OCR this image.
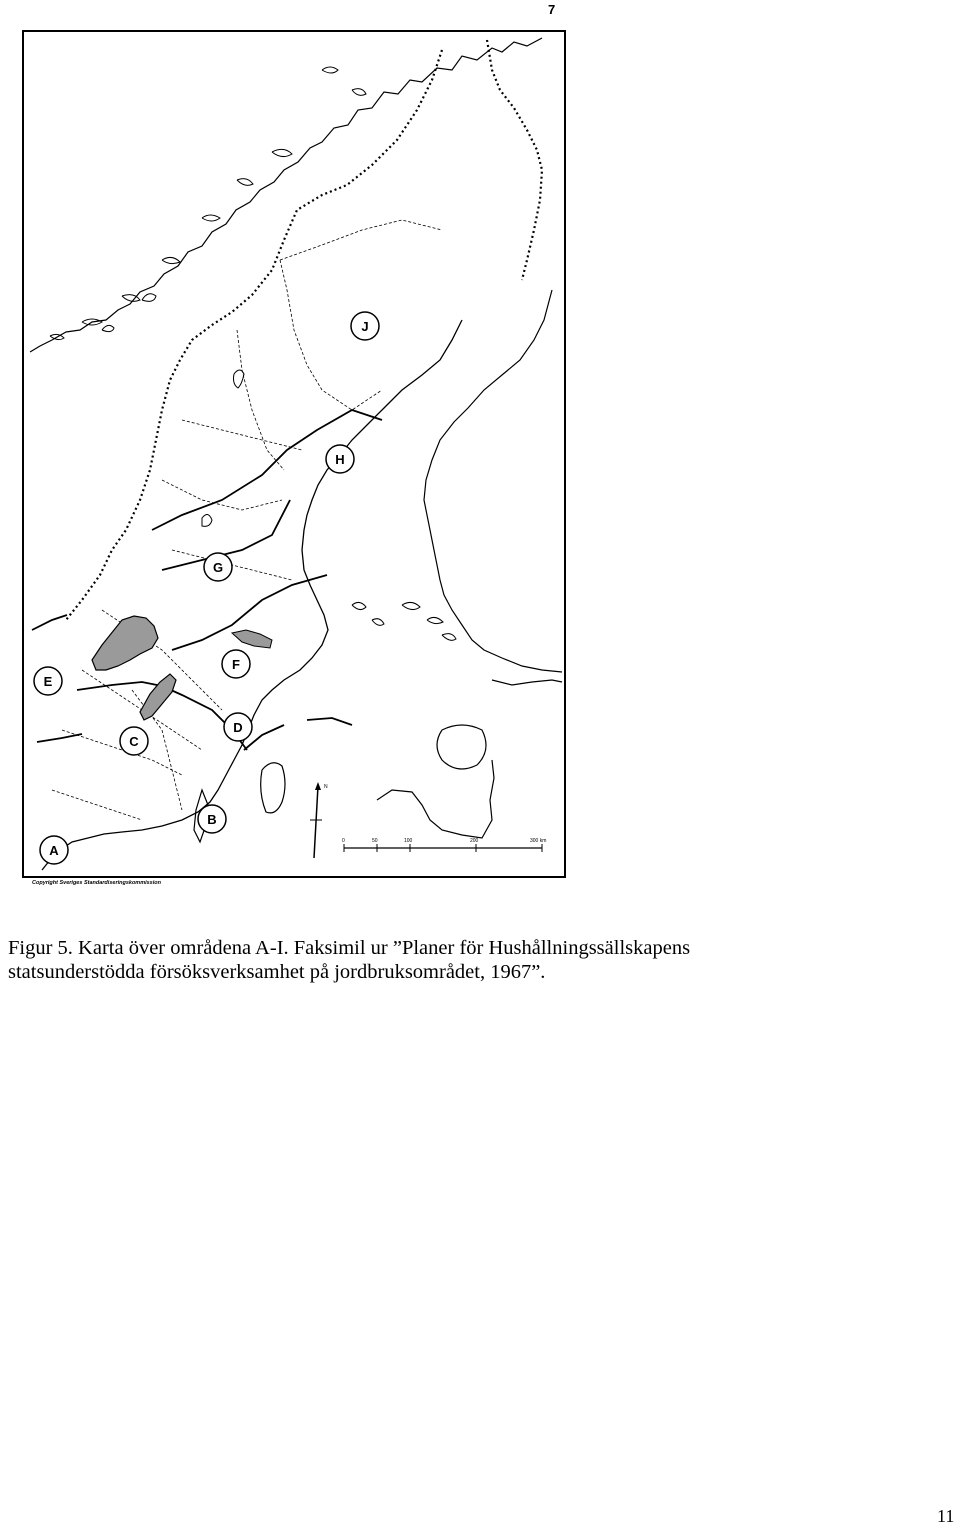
7
J
H
G
F
E
D
C
B
A
N
0	50	100	200	300 km
Copyright Sveriges Standardiseringskommission
Figur 5. Karta över områdena A-I. Faksimil ur ”Planer för Hushållningssällskapens
statsunderstödda försöksverksamhet på jordbruksområdet, 1967”.
11
